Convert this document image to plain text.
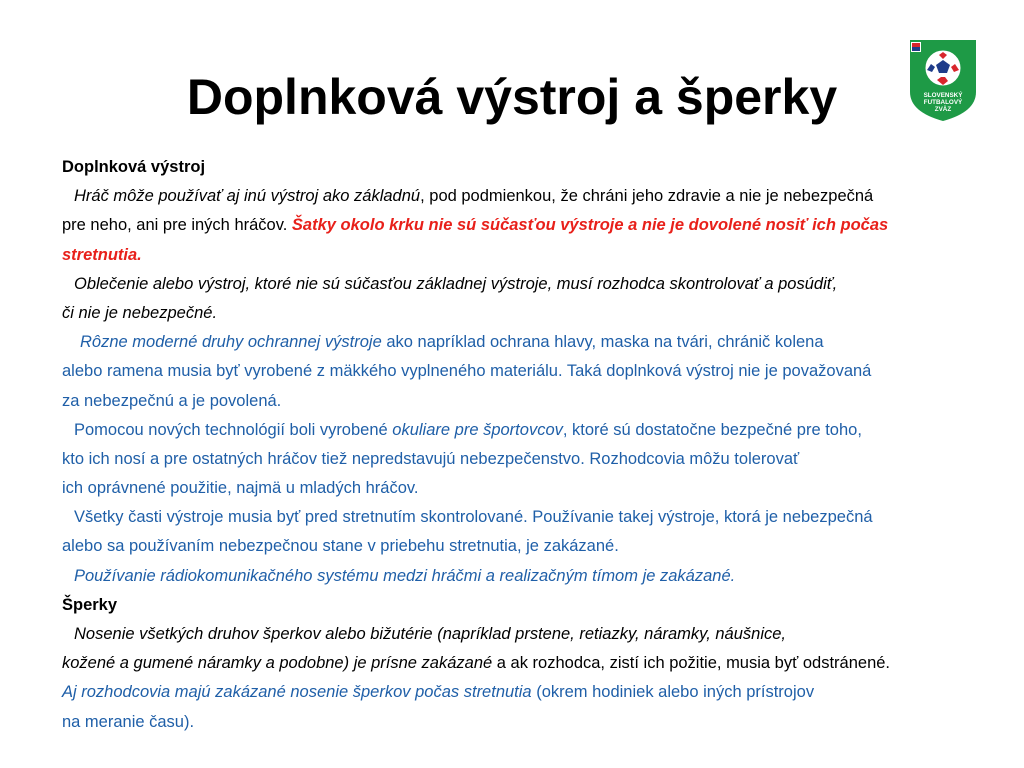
Doplnková výstroj a šperky	SLOVENSKÝ
FUTBALOVÝ
ZVÄZ
Doplnková výstroj
Hráč môže používať aj inú výstroj ako základnú, pod podmienkou, že chráni jeho zdravie a nie je nebezpečná
pre neho, ani pre iných hráčov. Šatky okolo krku nie sú súčasťou výstroje a nie je dovolené nosiť ich počas
stretnutia.
Oblečenie alebo výstroj, ktoré nie sú súčasťou základnej výstroje, musí rozhodca skontrolovať a posúdiť,
či nie je nebezpečné.
Rôzne moderné druhy ochrannej výstroje ako napríklad ochrana hlavy, maska na tvári, chránič kolena
alebo ramena musia byť vyrobené z mäkkého vyplneného materiálu. Taká doplnková výstroj nie je považovaná
za nebezpečnú a je povolená.
Pomocou nových technológií boli vyrobené okuliare pre športovcov, ktoré sú dostatočne bezpečné pre toho,
kto ich nosí a pre ostatných hráčov tiež nepredstavujú nebezpečenstvo. Rozhodcovia môžu tolerovať
ich oprávnené použitie, najmä u mladých hráčov.
Všetky časti výstroje musia byť pred stretnutím skontrolované. Používanie takej výstroje, ktorá je nebezpečná
alebo sa používaním nebezpečnou stane v priebehu stretnutia, je zakázané.
Používanie rádiokomunikačného systému medzi hráčmi a realizačným tímom je zakázané.
Šperky
Nosenie všetkých druhov šperkov alebo bižutérie (napríklad prstene, retiazky, náramky, náušnice,
kožené a gumené náramky a podobne) je prísne zakázané a ak rozhodca, zistí ich požitie, musia byť odstránené.
Aj rozhodcovia majú zakázané nosenie šperkov počas stretnutia (okrem hodiniek alebo iných prístrojov
na meranie času).
